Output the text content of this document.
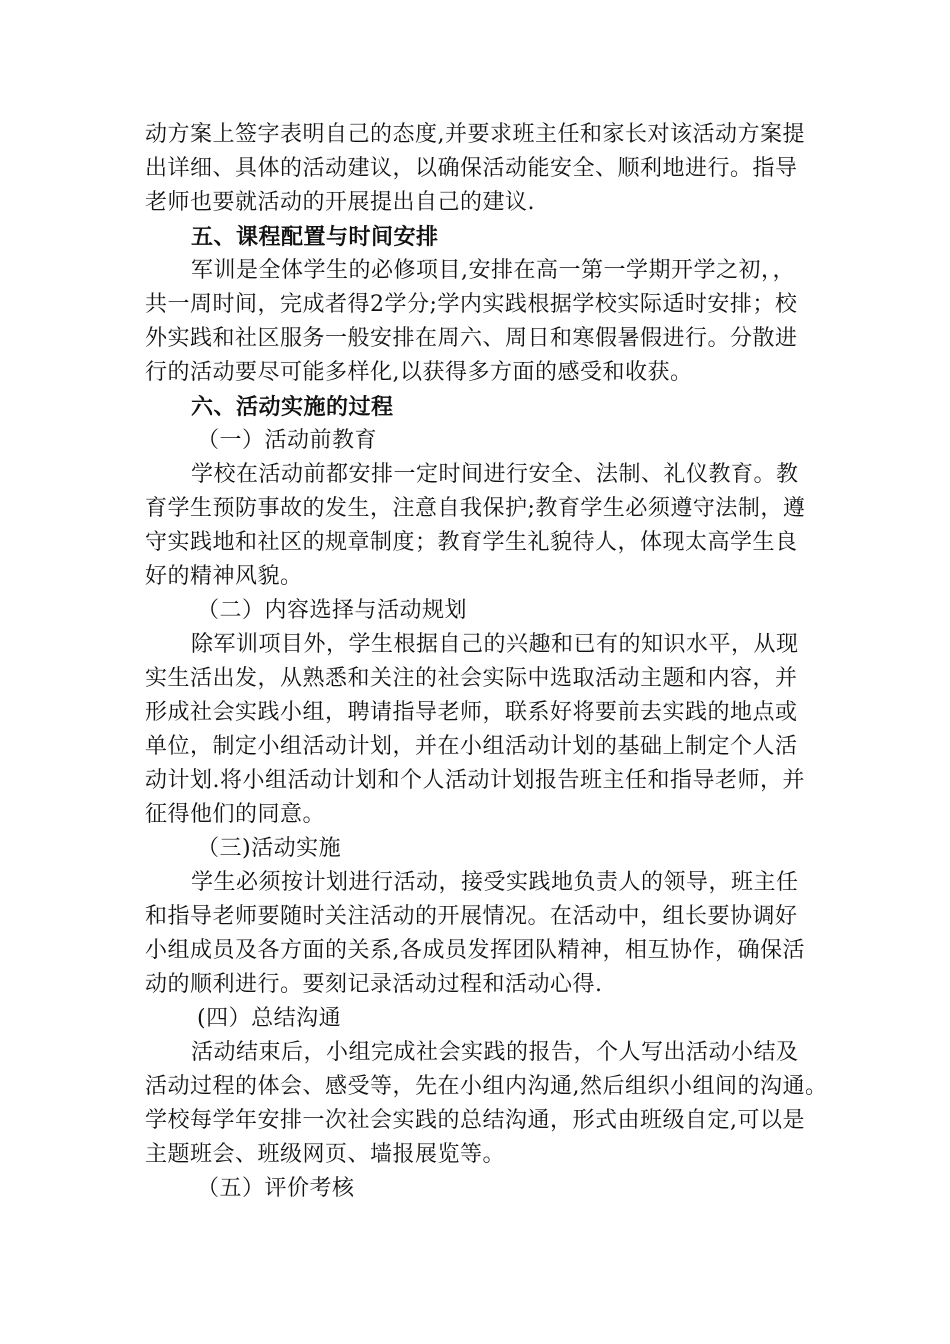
动方案上签字表明自己的态度,并要求班主任和家长对该活动方案提
出详细、具体的活动建议，以确保活动能安全、顺利地进行。指导
老师也要就活动的开展提出自己的建议.
五、课程配置与时间安排
军训是全体学生的必修项目,安排在高一第一学期开学之初，，
共一周时间，完成者得2学分;学内实践根据学校实际适时安排；校
外实践和社区服务一般安排在周六、周日和寒假暑假进行。分散进
行的活动要尽可能多样化,以获得多方面的感受和收获。
六、活动实施的过程
（一）活动前教育
学校在活动前都安排一定时间进行安全、法制、礼仪教育。教
育学生预防事故的发生，注意自我保护;教育学生必须遵守法制，遵
守实践地和社区的规章制度；教育学生礼貌待人，体现太高学生良
好的精神风貌。
（二）内容选择与活动规划
除军训项目外，学生根据自己的兴趣和已有的知识水平，从现
实生活出发，从熟悉和关注的社会实际中选取活动主题和内容，并
形成社会实践小组，聘请指导老师，联系好将要前去实践的地点或
单位，制定小组活动计划，并在小组活动计划的基础上制定个人活
动计划.将小组活动计划和个人活动计划报告班主任和指导老师，并
征得他们的同意。
（三)活动实施
学生必须按计划进行活动，接受实践地负责人的领导，班主任
和指导老师要随时关注活动的开展情况。在活动中，组长要协调好
小组成员及各方面的关系,各成员发挥团队精神，相互协作，确保活
动的顺利进行。要刻记录活动过程和活动心得.
(四）总结沟通
活动结束后，小组完成社会实践的报告，个人写出活动小结及
活动过程的体会、感受等，先在小组内沟通,然后组织小组间的沟通。
学校每学年安排一次社会实践的总结沟通，形式由班级自定,可以是
主题班会、班级网页、墙报展览等。
（五）评价考核
